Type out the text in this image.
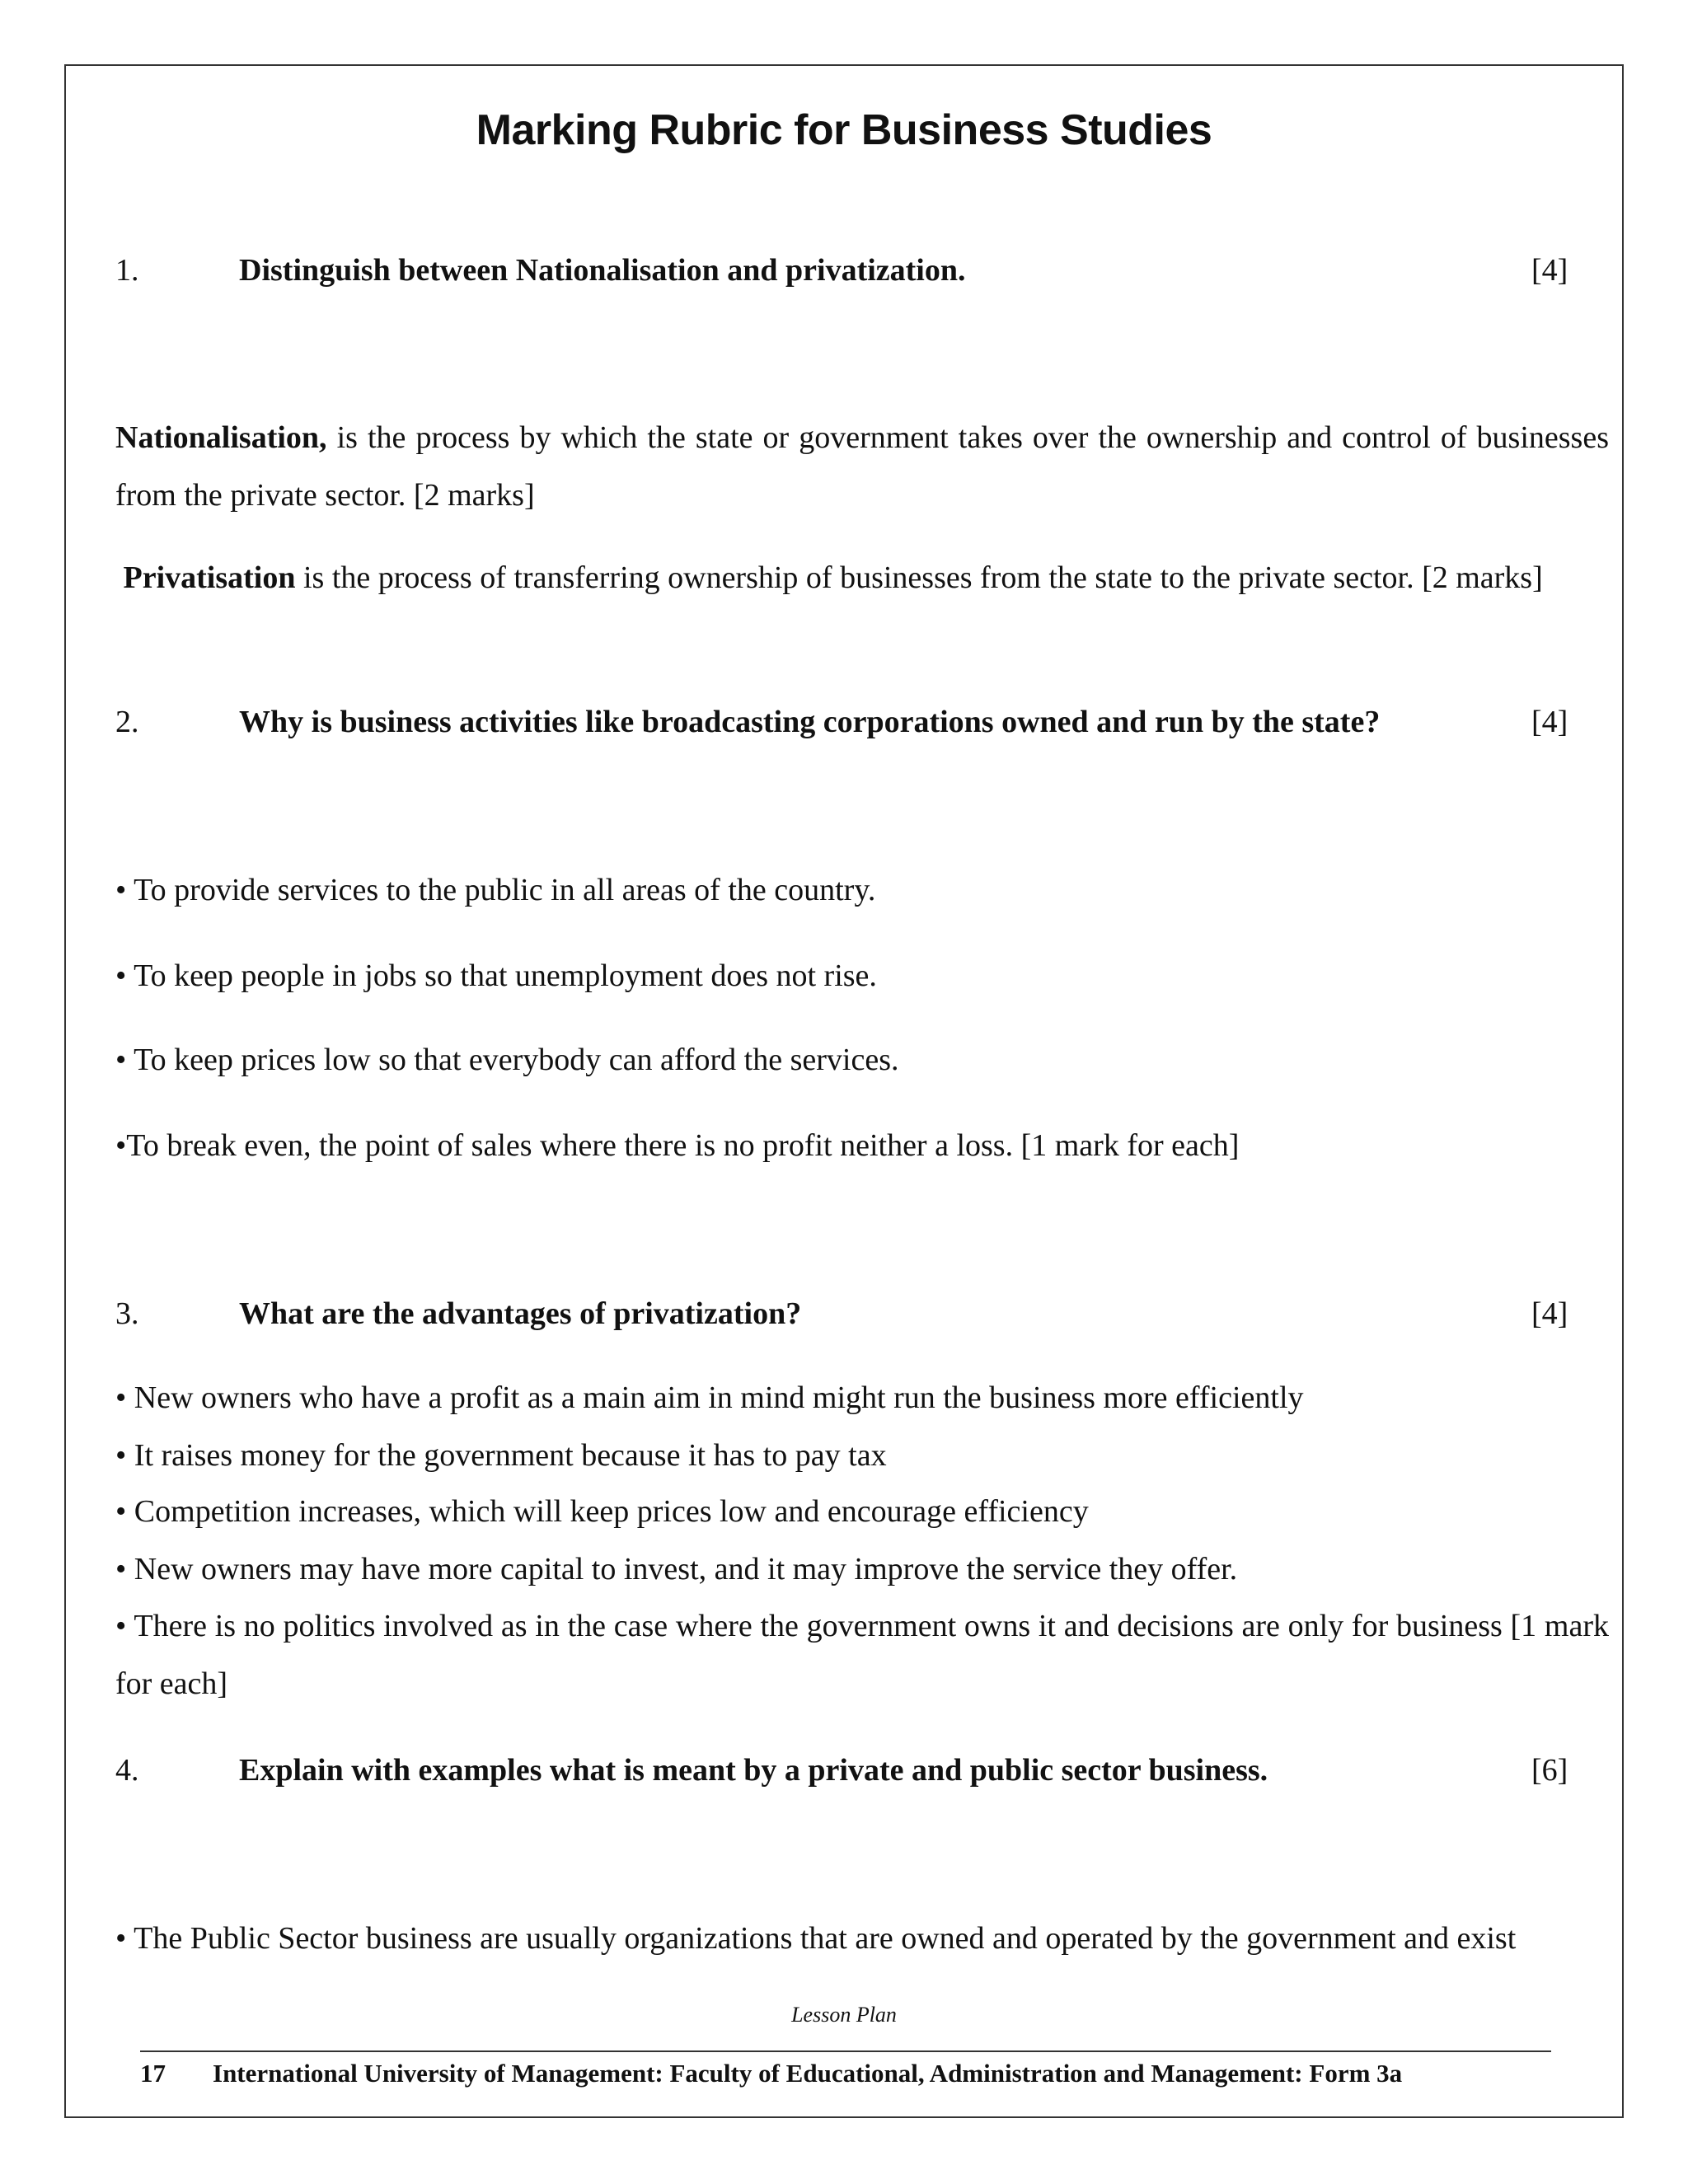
Marking Rubric for Business Studies
1.	Distinguish between Nationalisation and privatization.	[4]
Nationalisation, is the process by which the state or government takes over the ownership and control of businesses from the private sector. [2 marks]
Privatisation is the process of transferring ownership of businesses from the state to the private sector. [2 marks]
2.	Why is business activities like broadcasting corporations owned and run by the state?	[4]
• To provide services to the public in all areas of the country.
• To keep people in jobs so that unemployment does not rise.
• To keep prices low so that everybody can afford the services.
•To break even, the point of sales where there is no profit neither a loss. [1 mark for each]
3.	What are the advantages of privatization?	[4]
• New owners who have a profit as a main aim in mind might run the business more efficiently
• It raises money for the government because it has to pay tax
• Competition increases, which will keep prices low and encourage efficiency
• New owners may have more capital to invest, and it may improve the service they offer.
• There is no politics involved as in the case where the government owns it and decisions are only for business [1 mark for each]
4.	Explain with examples what is meant by a private and public sector business.	[6]
• The Public Sector business are usually organizations that are owned and operated by the government and exist
Lesson Plan
17 International University of Management: Faculty of Educational, Administration and Management: Form 3a
